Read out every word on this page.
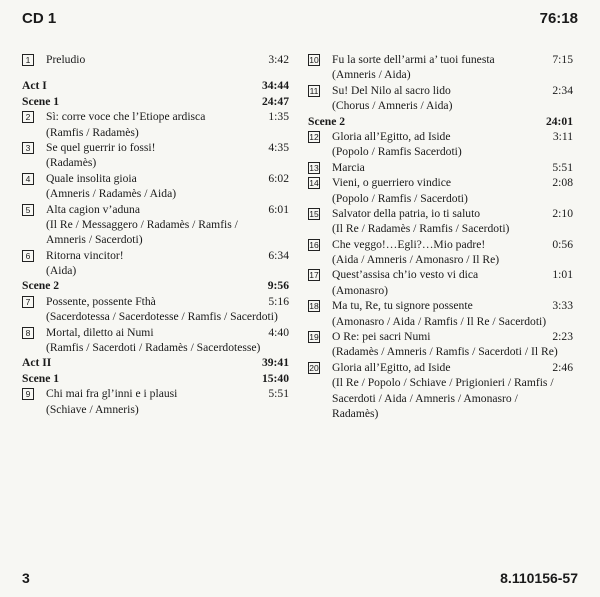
CD 1	76:18
1	Preludio	3:42
Act I	34:44
Scene 1	24:47
2	Sì: corre voce che l’Etiope ardisca	1:35
(Ramfis / Radamès)
3	Se quel guerrir io fossi!	4:35
(Radamès)
4	Quale insolita gioia	6:02
(Amneris / Radamès / Aida)
5	Alta cagion v’aduna	6:01
(Il Re / Messaggero / Radamès / Ramfis /
Amneris / Sacerdoti)
6	Ritorna vincitor!	6:34
(Aida)
Scene 2	9:56
7	Possente, possente Fthà	5:16
(Sacerdotessa / Sacerdotesse / Ramfis / Sacerdoti)
8	Mortal, diletto ai Numi	4:40
(Ramfis / Sacerdoti / Radamès / Sacerdotesse)
Act II	39:41
Scene 1	15:40
9	Chi mai fra gl’inni e i plausi	5:51
(Schiave / Amneris)
10 Fu la sorte dell’armi a’ tuoi funesta	7:15
(Amneris / Aida)
11 Su! Del Nilo al sacro lido	2:34
(Chorus / Amneris / Aida)
Scene 2	24:01
12 Gloria all’Egitto, ad Iside	3:11
(Popolo / Ramfis Sacerdoti)
13 Marcia	5:51
14 Vieni, o guerriero vindice	2:08
(Popolo / Ramfis / Sacerdoti)
15 Salvator della patria, io ti saluto	2:10
(Il Re / Radamès / Ramfis / Sacerdoti)
16 Che veggo!…Egli?…Mio padre!	0:56
(Aida / Amneris / Amonasro / Il Re)
17 Quest’assisa ch’io vesto vi dica	1:01
(Amonasro)
18 Ma tu, Re, tu signore possente	3:33
(Amonasro / Aida / Ramfis / Il Re / Sacerdoti)
19 O Re: pei sacri Numi	2:23
(Radamès / Amneris / Ramfis / Sacerdoti / Il Re)
20 Gloria all’Egitto, ad Iside	2:46
(Il Re / Popolo / Schiave / Prigionieri / Ramfis /
Sacerdoti / Aida / Amneris / Amonasro /
Radamès)
3	8.110156-57
